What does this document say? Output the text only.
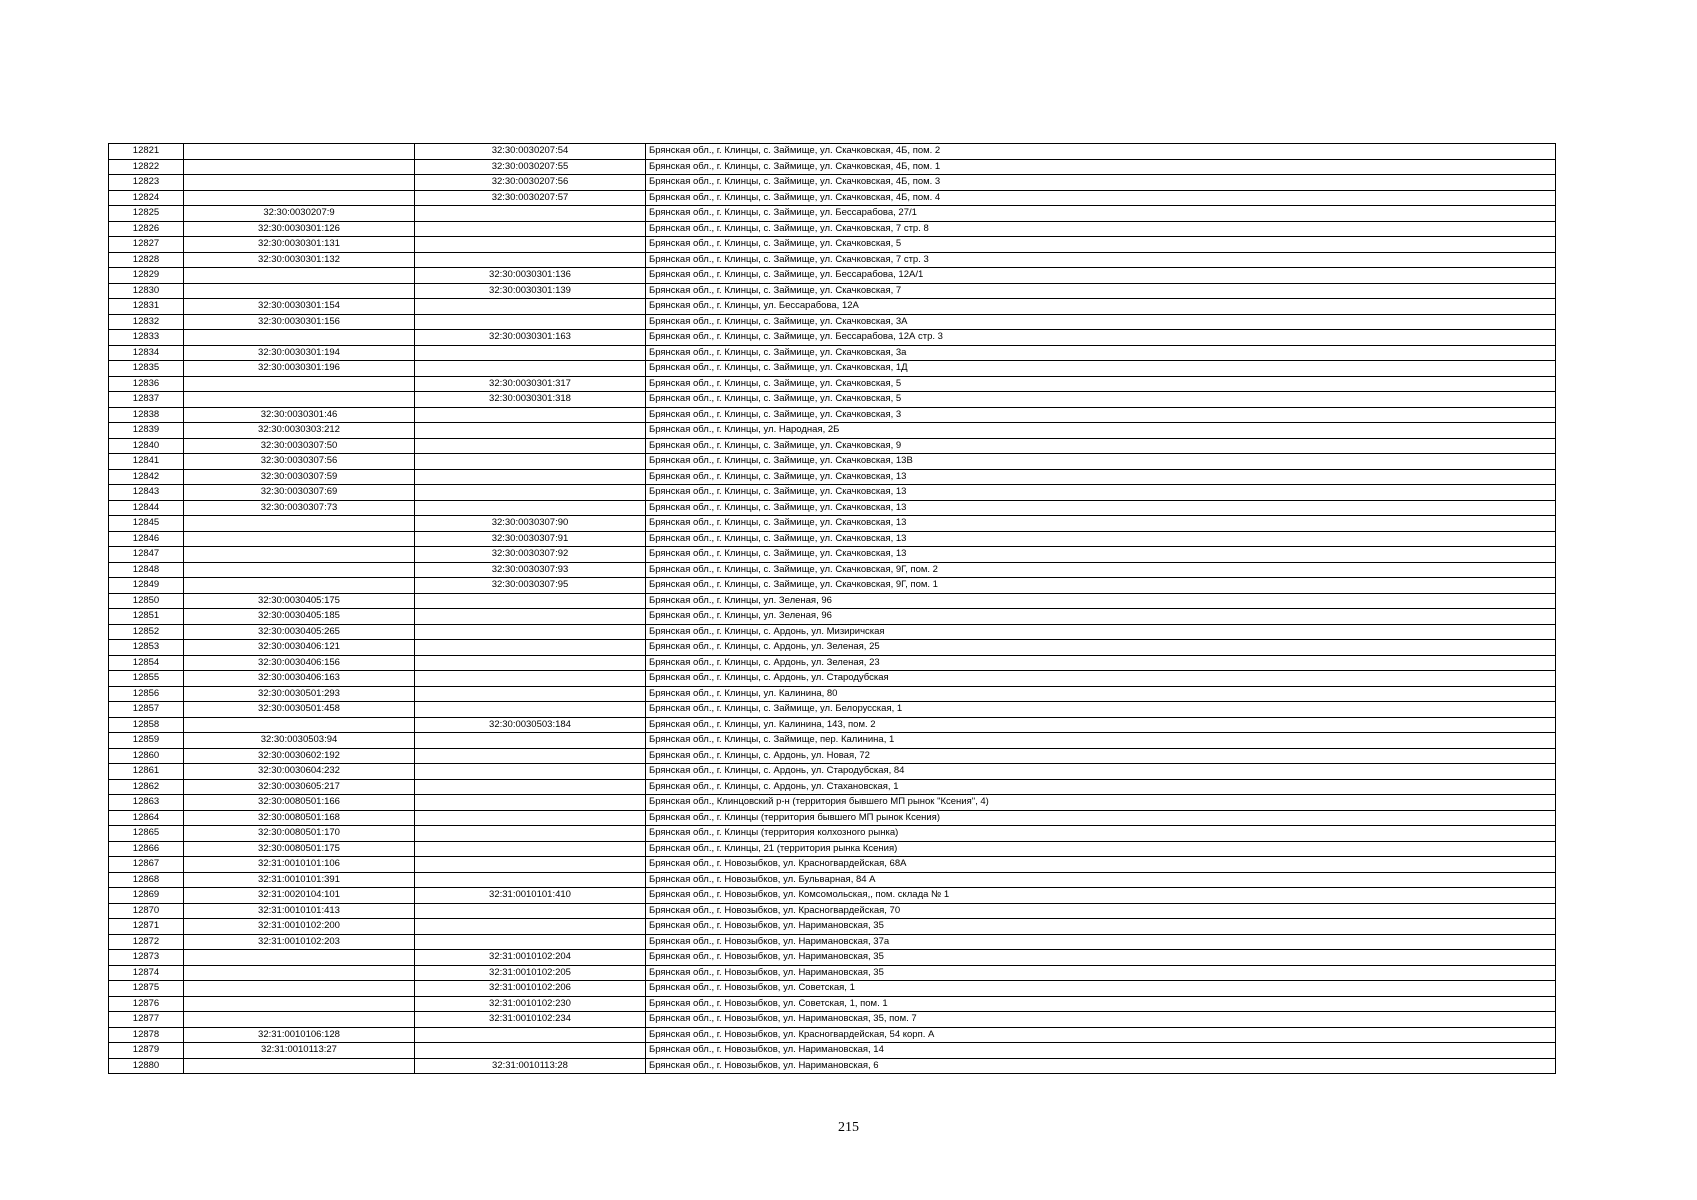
12821		32:30:0030207:54	Брянская обл., г. Клинцы, с. Займище, ул. Скачковская, 4Б, пом. 2
12822		32:30:0030207:55	Брянская обл., г. Клинцы, с. Займище, ул. Скачковская, 4Б, пом. 1
12823		32:30:0030207:56	Брянская обл., г. Клинцы, с. Займище, ул. Скачковская, 4Б, пом. 3
12824		32:30:0030207:57	Брянская обл., г. Клинцы, с. Займище, ул. Скачковская, 4Б, пом. 4
12825	32:30:0030207:9		Брянская обл., г. Клинцы, с. Займище, ул. Бессарабова, 27/1
12826	32:30:0030301:126		Брянская обл., г. Клинцы, с. Займище, ул. Скачковская, 7 стр. 8
12827	32:30:0030301:131		Брянская обл., г. Клинцы, с. Займище, ул. Скачковская, 5
12828	32:30:0030301:132		Брянская обл., г. Клинцы, с. Займище, ул. Скачковская, 7 стр. 3
12829		32:30:0030301:136	Брянская обл., г. Клинцы, с. Займище, ул. Бессарабова, 12А/1
12830		32:30:0030301:139	Брянская обл., г. Клинцы, с. Займище, ул. Скачковская, 7
12831	32:30:0030301:154		Брянская обл., г. Клинцы, ул. Бессарабова, 12А
12832	32:30:0030301:156		Брянская обл., г. Клинцы, с. Займище, ул. Скачковская, 3А
12833		32:30:0030301:163	Брянская обл., г. Клинцы, с. Займище, ул. Бессарабова, 12А стр. 3
12834	32:30:0030301:194		Брянская обл., г. Клинцы, с. Займище, ул. Скачковская, 3а
12835	32:30:0030301:196		Брянская обл., г. Клинцы, с. Займище, ул. Скачковская, 1Д
12836		32:30:0030301:317	Брянская обл., г. Клинцы, с. Займище, ул. Скачковская, 5
12837		32:30:0030301:318	Брянская обл., г. Клинцы, с. Займище, ул. Скачковская, 5
12838	32:30:0030301:46		Брянская обл., г. Клинцы, с. Займище, ул. Скачковская, 3
12839	32:30:0030303:212		Брянская обл., г. Клинцы, ул. Народная, 2Б
12840	32:30:0030307:50		Брянская обл., г. Клинцы, с. Займище, ул. Скачковская, 9
12841	32:30:0030307:56		Брянская обл., г. Клинцы, с. Займище, ул. Скачковская, 13В
12842	32:30:0030307:59		Брянская обл., г. Клинцы, с. Займище, ул. Скачковская, 13
12843	32:30:0030307:69		Брянская обл., г. Клинцы, с. Займище, ул. Скачковская, 13
12844	32:30:0030307:73		Брянская обл., г. Клинцы, с. Займище, ул. Скачковская, 13
12845		32:30:0030307:90	Брянская обл., г. Клинцы, с. Займище, ул. Скачковская, 13
12846		32:30:0030307:91	Брянская обл., г. Клинцы, с. Займище, ул. Скачковская, 13
12847		32:30:0030307:92	Брянская обл., г. Клинцы, с. Займище, ул. Скачковская, 13
12848		32:30:0030307:93	Брянская обл., г. Клинцы, с. Займище, ул. Скачковская, 9Г, пом. 2
12849		32:30:0030307:95	Брянская обл., г. Клинцы, с. Займище, ул. Скачковская, 9Г, пом. 1
12850	32:30:0030405:175		Брянская обл., г. Клинцы, ул. Зеленая, 96
12851	32:30:0030405:185		Брянская обл., г. Клинцы, ул. Зеленая, 96
12852	32:30:0030405:265		Брянская обл., г. Клинцы, с. Ардонь, ул. Мизиричская
12853	32:30:0030406:121		Брянская обл., г. Клинцы, с. Ардонь, ул. Зеленая, 25
12854	32:30:0030406:156		Брянская обл., г. Клинцы, с. Ардонь, ул. Зеленая, 23
12855	32:30:0030406:163		Брянская обл., г. Клинцы, с. Ардонь, ул. Стародубская
12856	32:30:0030501:293		Брянская обл., г. Клинцы, ул. Калинина, 80
12857	32:30:0030501:458		Брянская обл., г. Клинцы, с. Займище, ул. Белорусская, 1
12858		32:30:0030503:184	Брянская обл., г. Клинцы, ул. Калинина, 143, пом. 2
12859	32:30:0030503:94		Брянская обл., г. Клинцы, с. Займище, пер. Калинина, 1
12860	32:30:0030602:192		Брянская обл., г. Клинцы, с. Ардонь, ул. Новая, 72
12861	32:30:0030604:232		Брянская обл., г. Клинцы, с. Ардонь, ул. Стародубская, 84
12862	32:30:0030605:217		Брянская обл., г. Клинцы, с. Ардонь, ул. Стахановская, 1
12863	32:30:0080501:166		Брянская обл., Клинцовский р-н (территория бывшего МП рынок "Ксения", 4)
12864	32:30:0080501:168		Брянская обл., г. Клинцы (территория бывшего МП рынок Ксения)
12865	32:30:0080501:170		Брянская обл., г. Клинцы (территория колхозного рынка)
12866	32:30:0080501:175		Брянская обл., г. Клинцы, 21 (территория рынка Ксения)
12867	32:31:0010101:106		Брянская обл., г. Новозыбков, ул. Красногвардейская, 68А
12868	32:31:0010101:391		Брянская обл., г. Новозыбков, ул. Бульварная, 84 А
12869	32:31:0020104:101	32:31:0010101:410	Брянская обл., г. Новозыбков, ул. Комсомольская,, пом. склада № 1
12870	32:31:0010101:413		Брянская обл., г. Новозыбков, ул. Красногвардейская, 70
12871	32:31:0010102:200		Брянская обл., г. Новозыбков, ул. Наримановская, 35
12872	32:31:0010102:203		Брянская обл., г. Новозыбков, ул. Наримановская, 37а
12873		32:31:0010102:204	Брянская обл., г. Новозыбков, ул. Наримановская, 35
12874		32:31:0010102:205	Брянская обл., г. Новозыбков, ул. Наримановская, 35
12875		32:31:0010102:206	Брянская обл., г. Новозыбков, ул. Советская, 1
12876		32:31:0010102:230	Брянская обл., г. Новозыбков, ул. Советская, 1, пом. 1
12877		32:31:0010102:234	Брянская обл., г. Новозыбков, ул. Наримановская, 35, пом. 7
12878	32:31:0010106:128		Брянская обл., г. Новозыбков, ул. Красногвардейская, 54 корп. А
12879	32:31:0010113:27		Брянская обл., г. Новозыбков, ул. Наримановская, 14
12880		32:31:0010113:28	Брянская обл., г. Новозыбков, ул. Наримановская, 6
215
